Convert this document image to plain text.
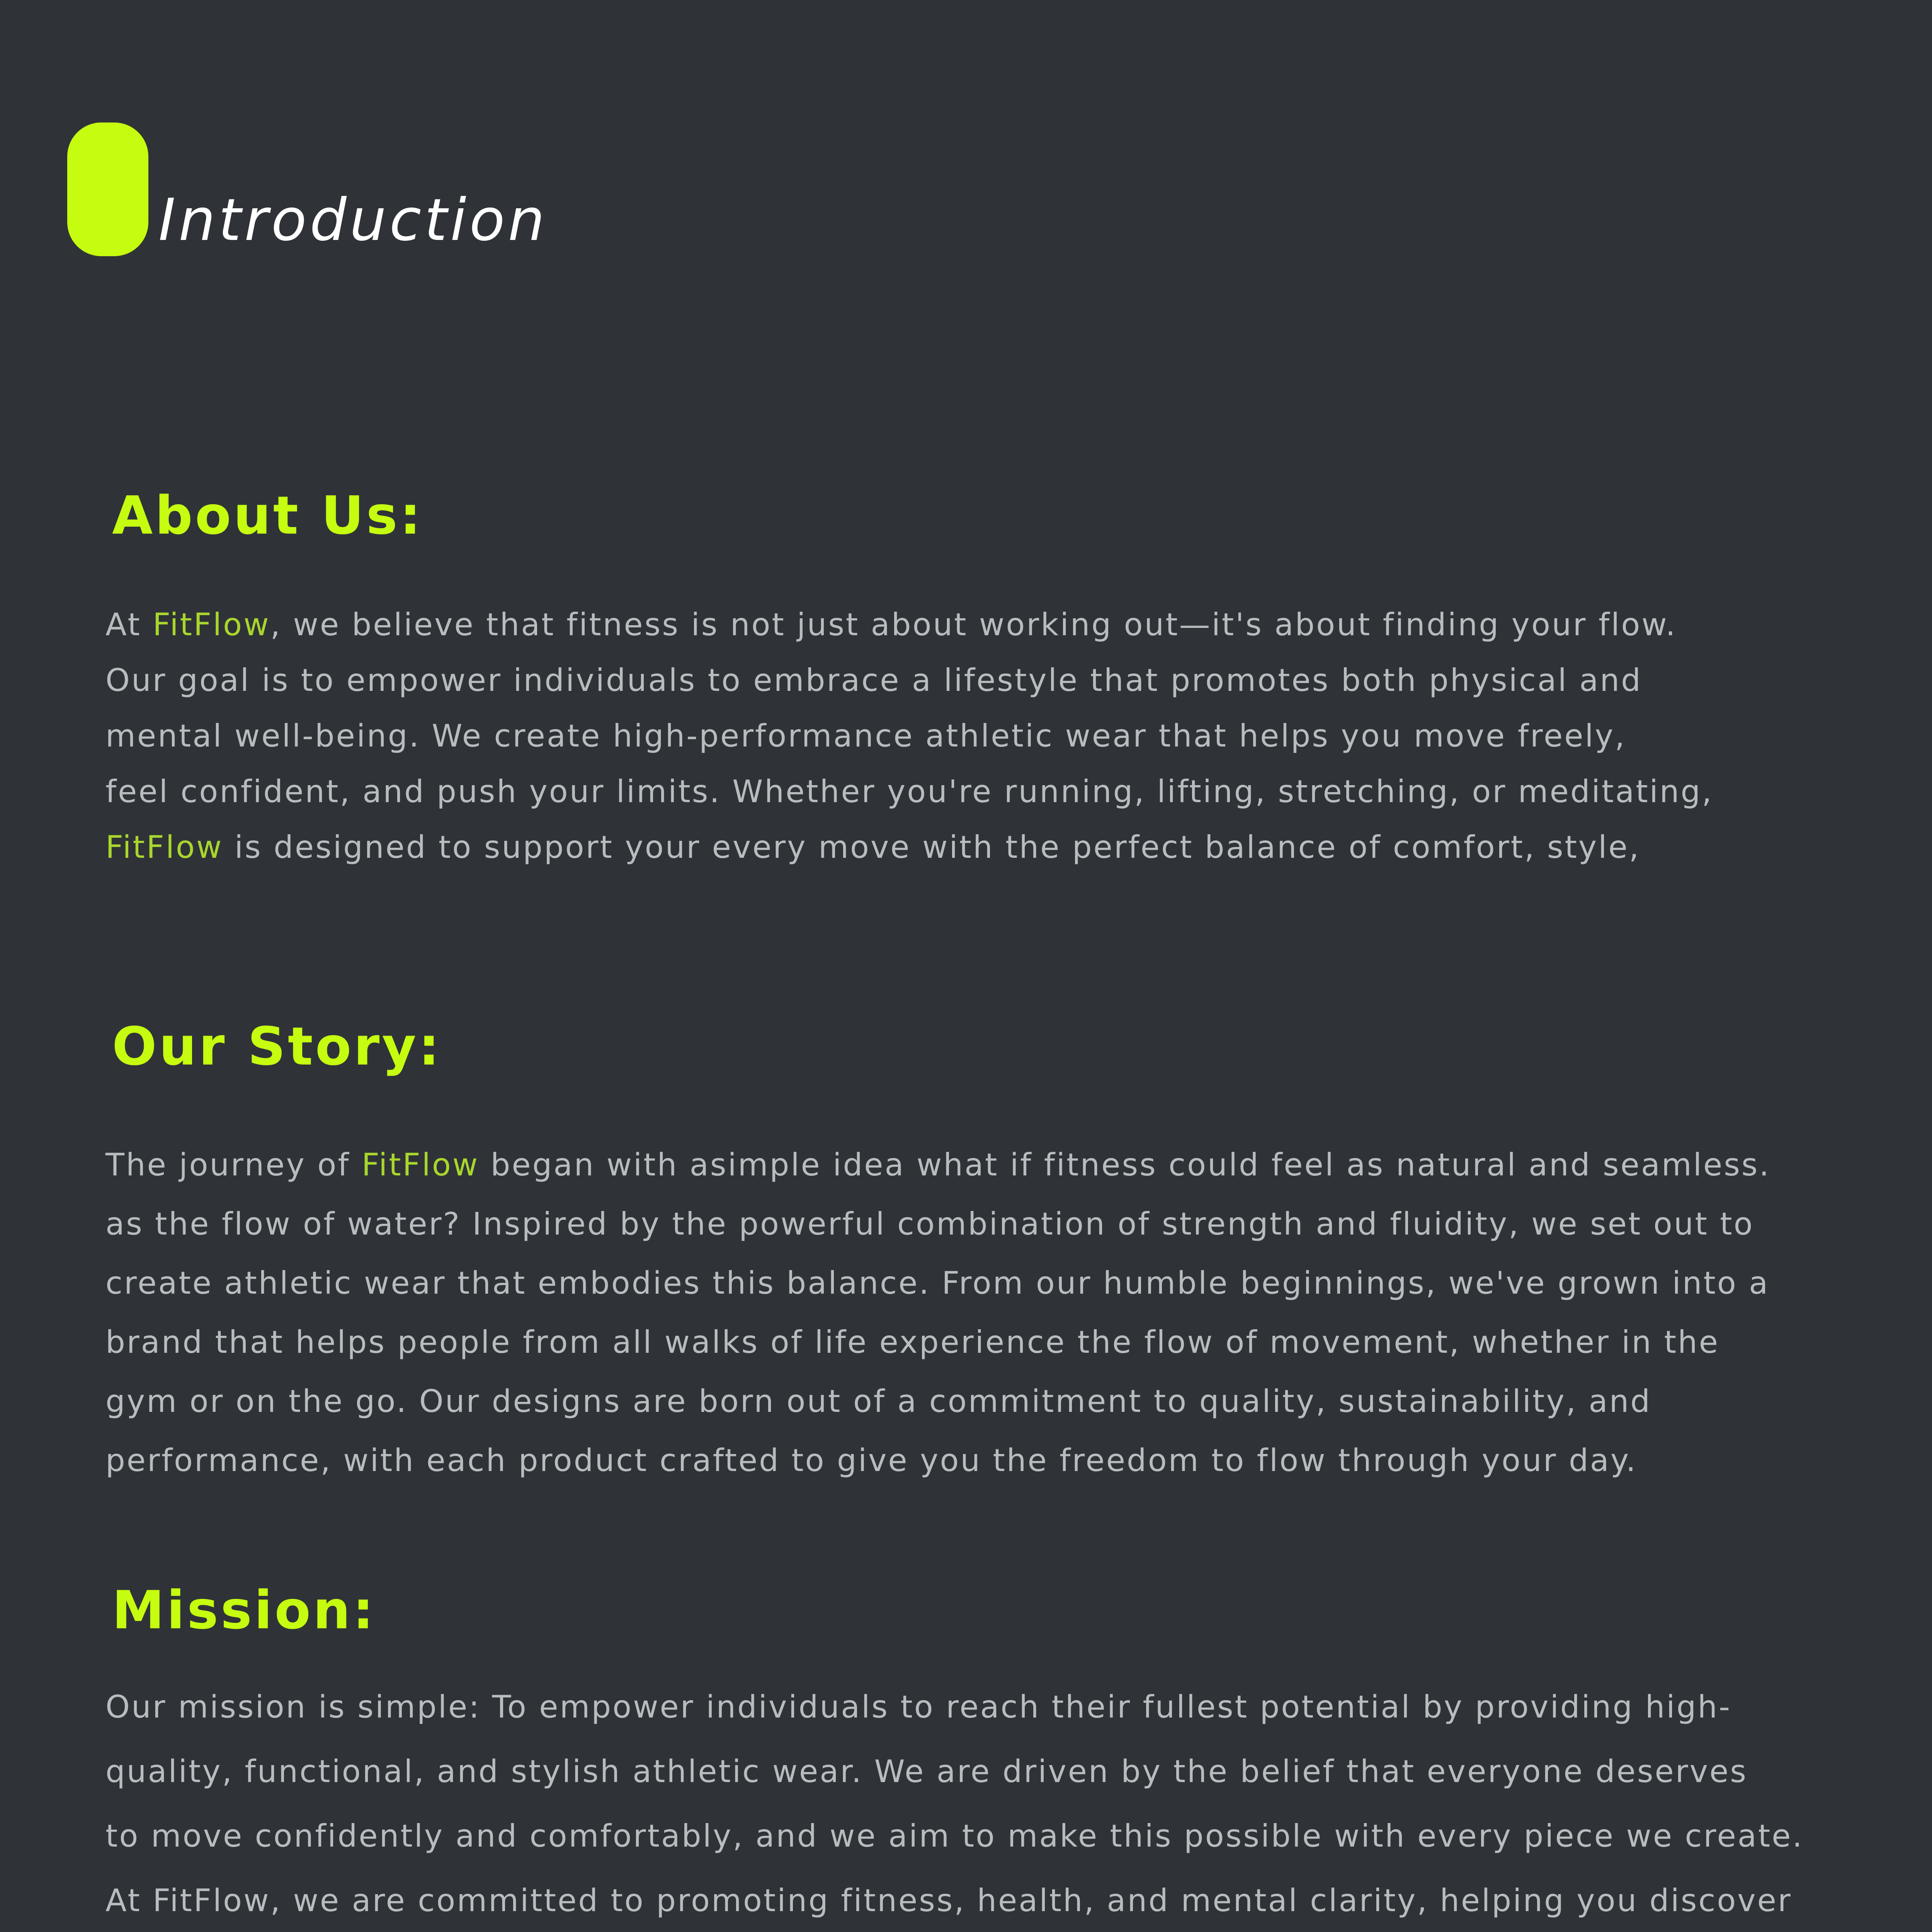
Introduction
About Us:

At FitFlow, we believe that fitness is not just about working out—it's about finding your flow.
Our goal is to empower individuals to embrace a lifestyle that promotes both physical and
mental well-being. We create high-performance athletic wear that helps you move freely,
feel confident, and push your limits. Whether you're running, lifting, stretching, or meditating,
FitFlow is designed to support your every move with the perfect balance of comfort, style,

Our Story:

The journey of FitFlow began with asimple idea what if fitness could feel as natural and seamless.
as the flow of water? Inspired by the powerful combination of strength and fluidity, we set out to
create athletic wear that embodies this balance. From our humble beginnings, we've grown into a
brand that helps people from all walks of life experience the flow of movement, whether in the
gym or on the go. Our designs are born out of a commitment to quality, sustainability, and
performance, with each product crafted to give you the freedom to flow through your day.

Mission:

Our mission is simple: To empower individuals to reach their fullest potential by providing high-
quality, functional, and stylish athletic wear. We are driven by the belief that everyone deserves
to move confidently and comfortably, and we aim to make this possible with every piece we create.
At FitFlow, we are committed to promoting fitness, health, and mental clarity, helping you discover
